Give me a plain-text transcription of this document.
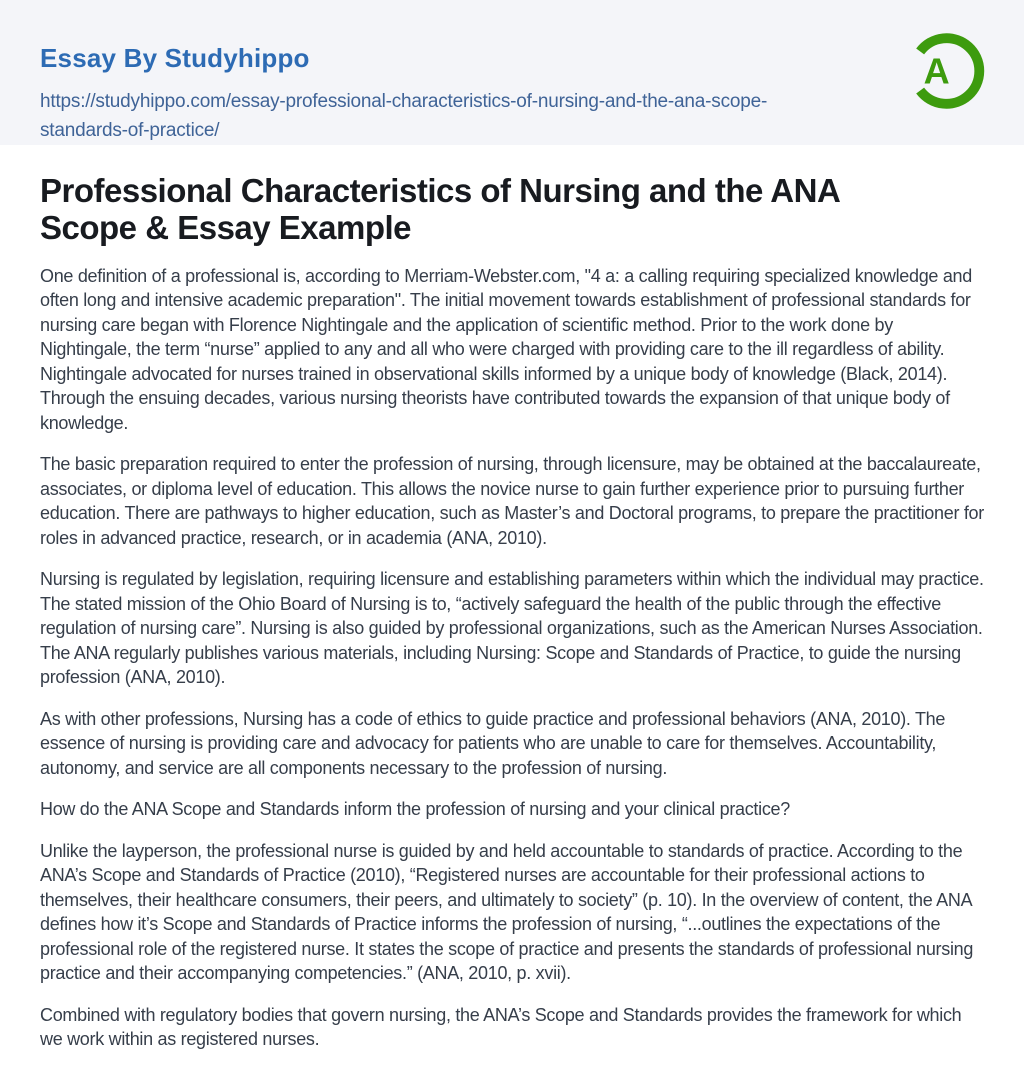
Essay By Studyhippo
https://studyhippo.com/essay-professional-characteristics-of-nursing-and-the-ana-scope-standards-of-practice/
A
Professional Characteristics of Nursing and the ANA Scope & Essay Example

One definition of a professional is, according to Merriam-Webster.com, "4 a: a calling requiring specialized knowledge and often long and intensive academic preparation". The initial movement towards establishment of professional standards for nursing care began with Florence Nightingale and the application of scientific method. Prior to the work done by Nightingale, the term “nurse” applied to any and all who were charged with providing care to the ill regardless of ability. Nightingale advocated for nurses trained in observational skills informed by a unique body of knowledge (Black, 2014). Through the ensuing decades, various nursing theorists have contributed towards the expansion of that unique body of knowledge.

The basic preparation required to enter the profession of nursing, through licensure, may be obtained at the baccalaureate, associates, or diploma level of education. This allows the novice nurse to gain further experience prior to pursuing further education. There are pathways to higher education, such as Master’s and Doctoral programs, to prepare the practitioner for roles in advanced practice, research, or in academia (ANA, 2010).

Nursing is regulated by legislation, requiring licensure and establishing parameters within which the individual may practice. The stated mission of the Ohio Board of Nursing is to, “actively safeguard the health of the public through the effective regulation of nursing care”. Nursing is also guided by professional organizations, such as the American Nurses Association. The ANA regularly publishes various materials, including Nursing: Scope and Standards of Practice, to guide the nursing profession (ANA, 2010).

As with other professions, Nursing has a code of ethics to guide practice and professional behaviors (ANA, 2010). The essence of nursing is providing care and advocacy for patients who are unable to care for themselves. Accountability, autonomy, and service are all components necessary to the profession of nursing.

How do the ANA Scope and Standards inform the profession of nursing and your clinical practice?

Unlike the layperson, the professional nurse is guided by and held accountable to standards of practice. According to the ANA’s Scope and Standards of Practice (2010), “Registered nurses are accountable for their professional actions to themselves, their healthcare consumers, their peers, and ultimately to society” (p. 10). In the overview of content, the ANA defines how it’s Scope and Standards of Practice informs the profession of nursing, “...outlines the expectations of the professional role of the registered nurse. It states the scope of practice and presents the standards of professional nursing practice and their accompanying competencies.” (ANA, 2010, p. xvii).

Combined with regulatory bodies that govern nursing, the ANA’s Scope and Standards provides the framework for which we work within as registered nurses.
